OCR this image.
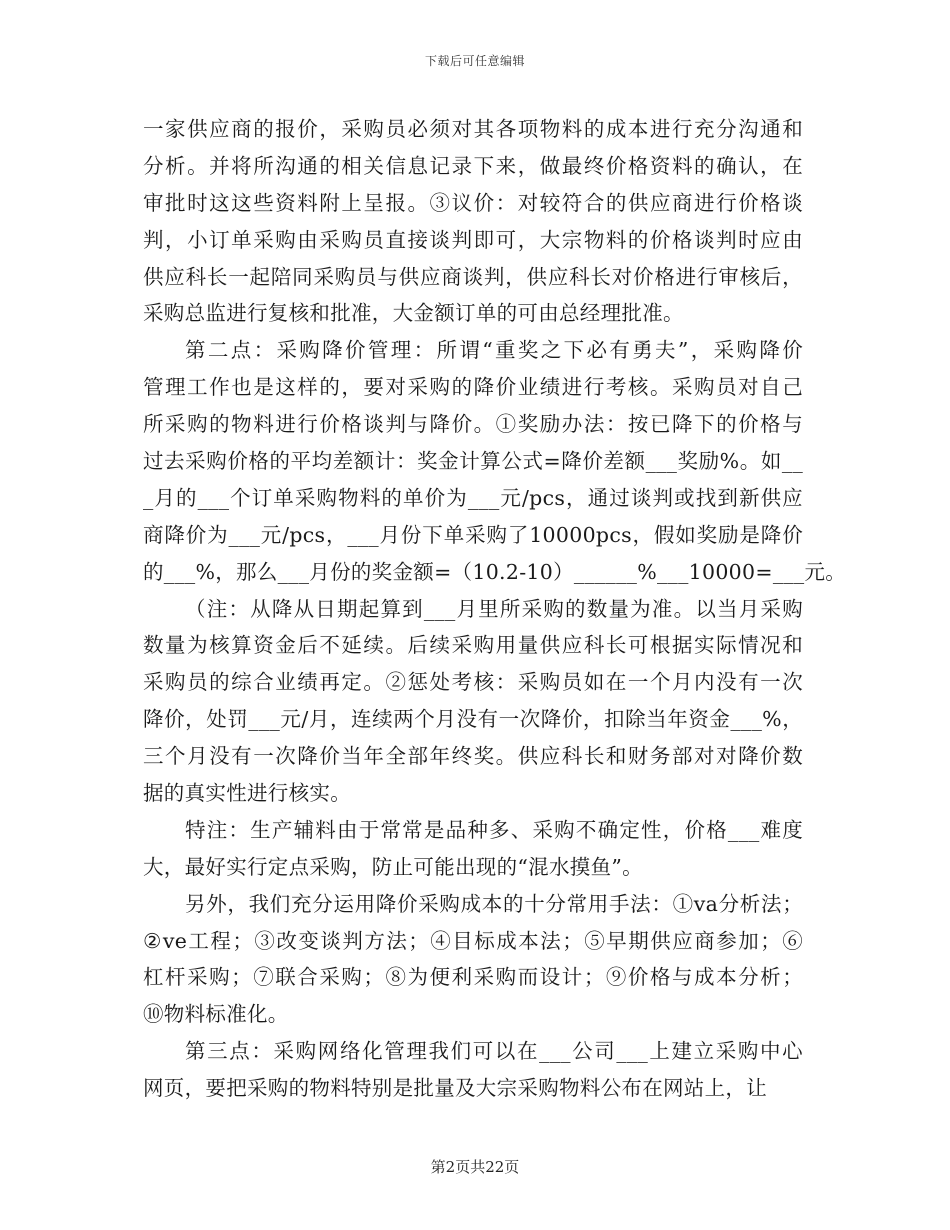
下载后可任意编辑
一家供应商的报价，采购员必须对其各项物料的成本进行充分沟通和
分析。并将所沟通的相关信息记录下来，做最终价格资料的确认，在
审批时这这些资料附上呈报。③议价：对较符合的供应商进行价格谈
判，小订单采购由采购员直接谈判即可，大宗物料的价格谈判时应由
供应科长一起陪同采购员与供应商谈判，供应科长对价格进行审核后，
采购总监进行复核和批准，大金额订单的可由总经理批准。
第二点：采购降价管理：所谓“重奖之下必有勇夫”，采购降价
管理工作也是这样的，要对采购的降价业绩进行考核。采购员对自己
所采购的物料进行价格谈判与降价。①奖励办法：按已降下的价格与
过去采购价格的平均差额计：奖金计算公式=降价差额___奖励%。如__
_月的___个订单采购物料的单价为___元/pcs，通过谈判或找到新供应
商降价为___元/pcs，___月份下单采购了10000pcs，假如奖励是降价
的___%，那么___月份的奖金额=（10.2-10）______%___10000=___元。
（注：从降从日期起算到___月里所采购的数量为准。以当月采购
数量为核算资金后不延续。后续采购用量供应科长可根据实际情况和
采购员的综合业绩再定。②惩处考核：采购员如在一个月内没有一次
降价，处罚___元/月，连续两个月没有一次降价，扣除当年资金___%，
三个月没有一次降价当年全部年终奖。供应科长和财务部对对降价数
据的真实性进行核实。
特注：生产辅料由于常常是品种多、采购不确定性，价格___难度
大，最好实行定点采购，防止可能出现的“混水摸鱼”。
另外，我们充分运用降价采购成本的十分常用手法：①va分析法；
②ve工程；③改变谈判方法；④目标成本法；⑤早期供应商参加；⑥
杠杆采购；⑦联合采购；⑧为便利采购而设计；⑨价格与成本分析；
⑩物料标准化。
第三点：采购网络化管理我们可以在___公司___上建立采购中心
网页，要把采购的物料特别是批量及大宗采购物料公布在网站上，让
第2页共22页
